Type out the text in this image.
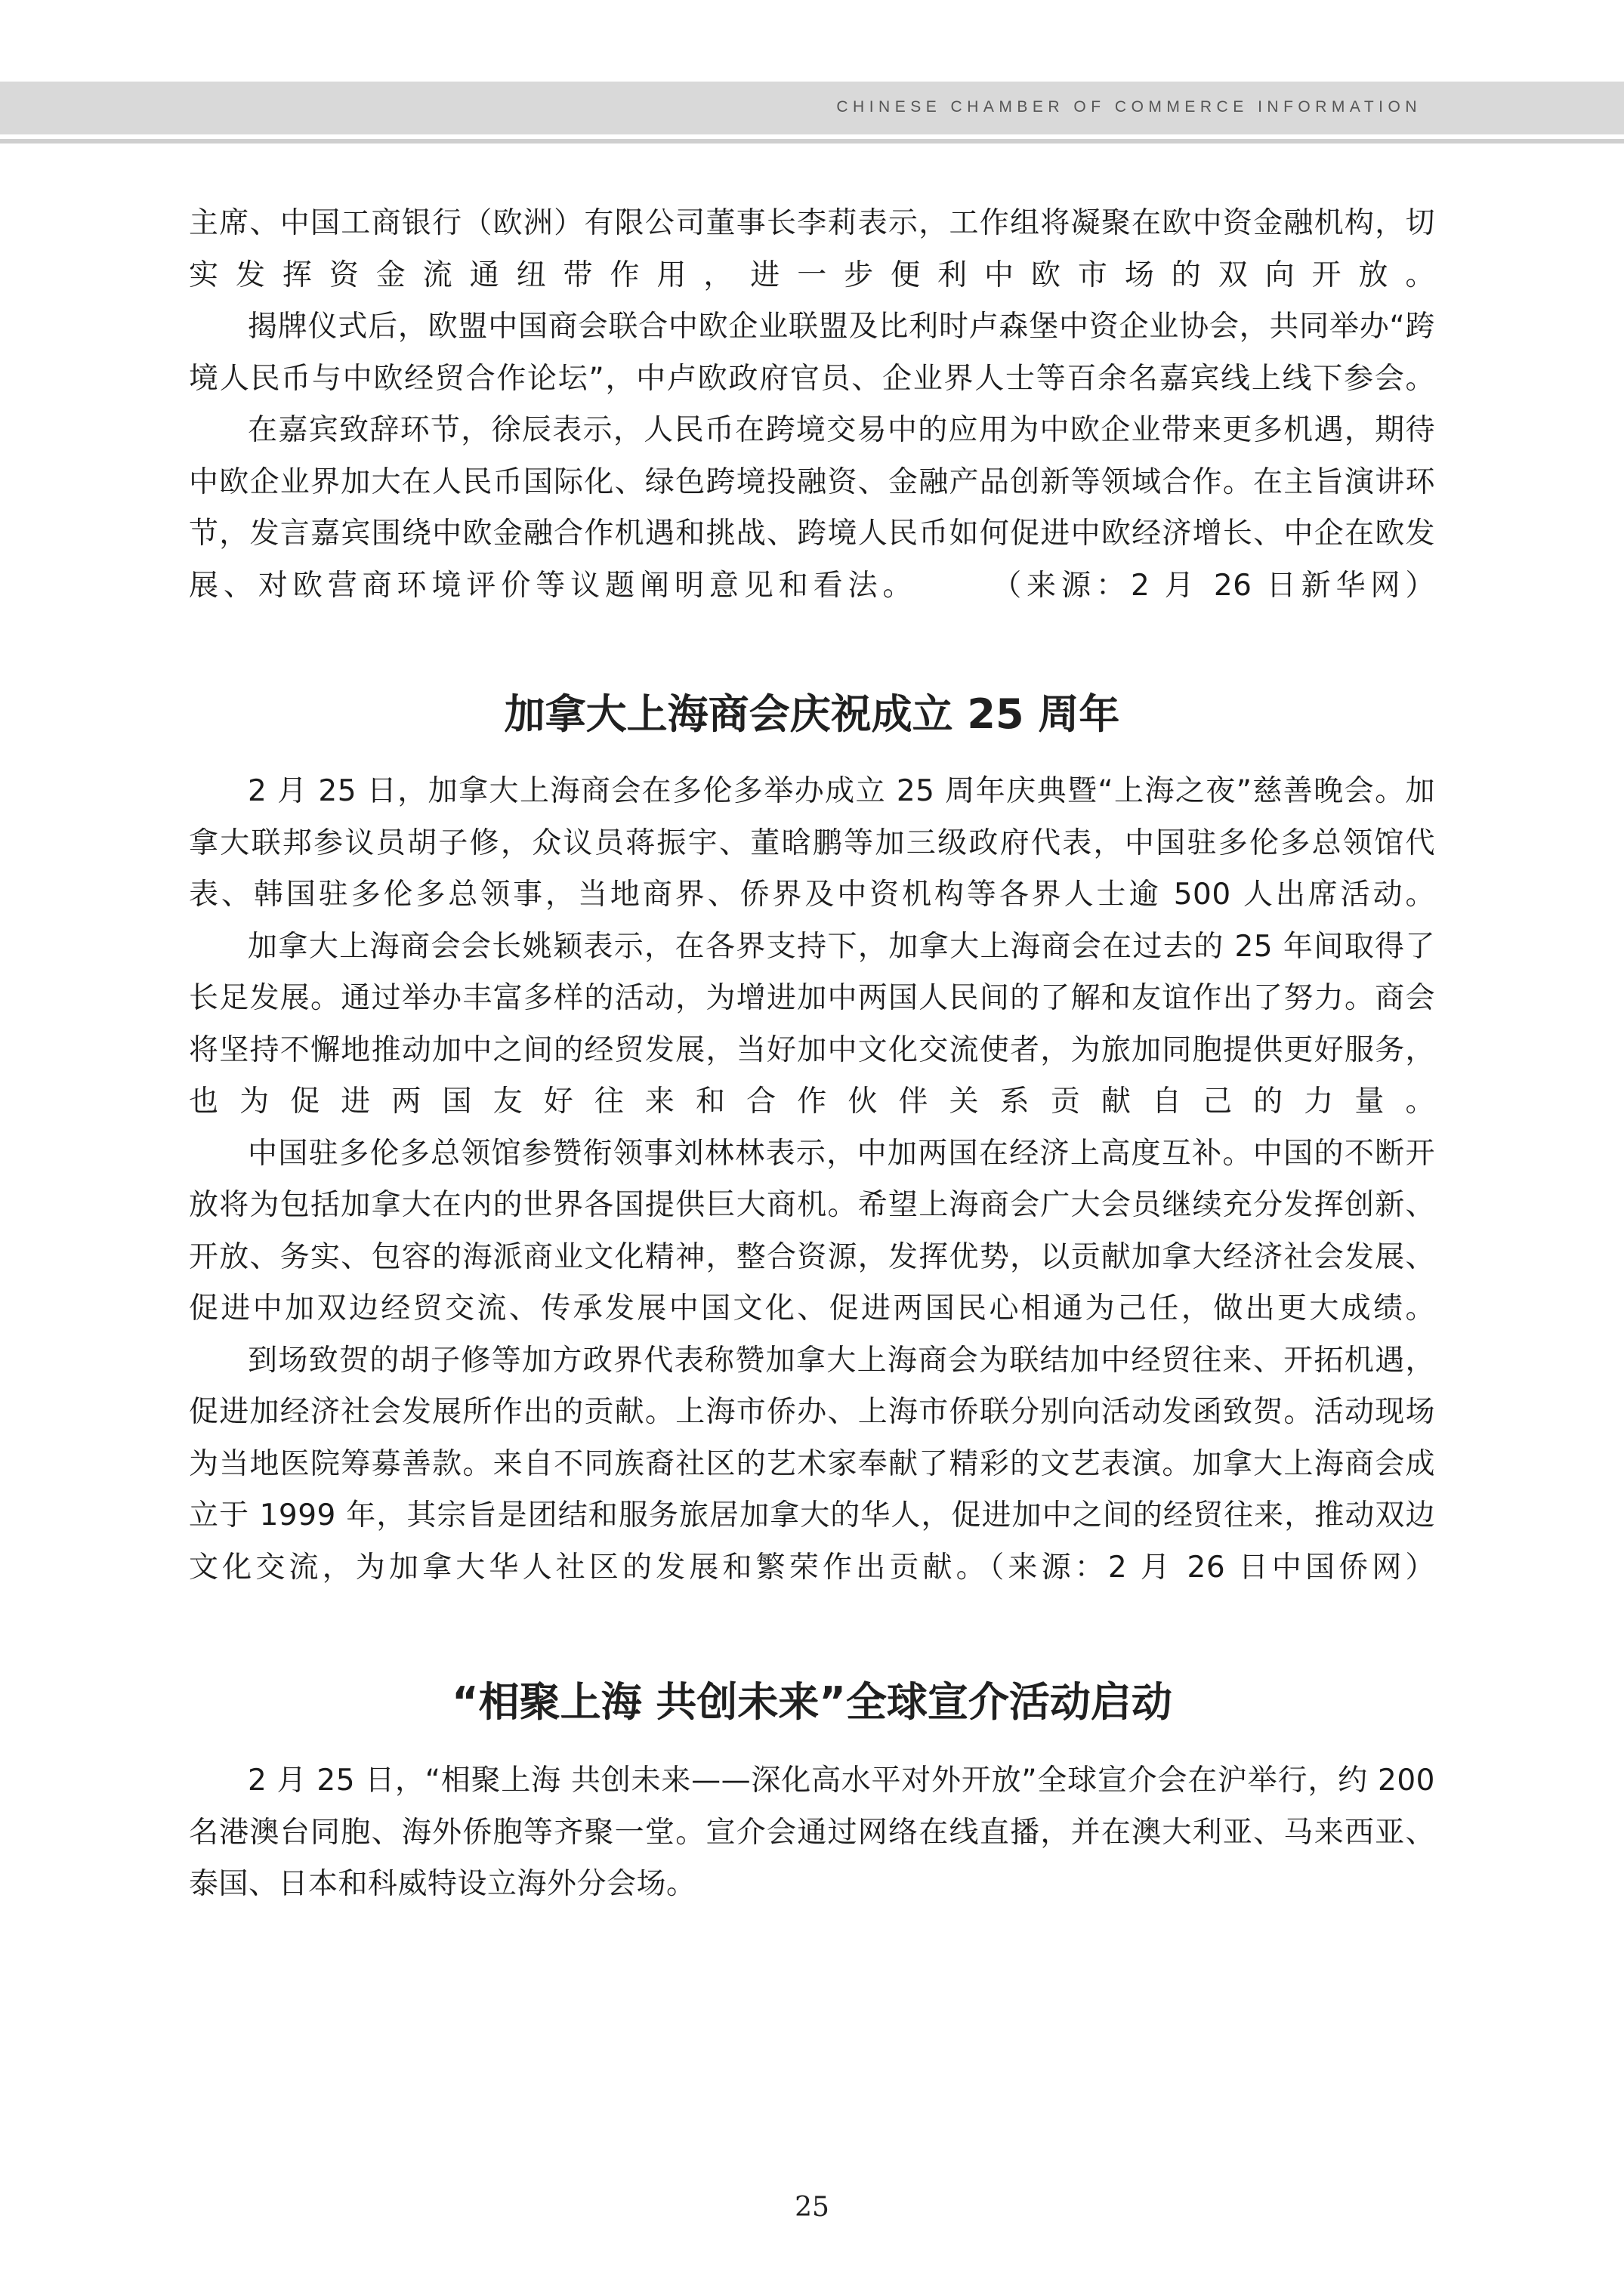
CHINESE CHAMBER OF COMMERCE INFORMATION

主席、中国工商银行（欧洲）有限公司董事长李莉表示，工作组将凝聚在欧中资金融机构，切实发挥资金流通纽带作用，进一步便利中欧市场的双向开放。

揭牌仪式后，欧盟中国商会联合中欧企业联盟及比利时卢森堡中资企业协会，共同举办“跨境人民币与中欧经贸合作论坛”，中卢欧政府官员、企业界人士等百余名嘉宾线上线下参会。

在嘉宾致辞环节，徐辰表示，人民币在跨境交易中的应用为中欧企业带来更多机遇，期待中欧企业界加大在人民币国际化、绿色跨境投融资、金融产品创新等领域合作。在主旨演讲环节，发言嘉宾围绕中欧金融合作机遇和挑战、跨境人民币如何促进中欧经济增长、中企在欧发展、对欧营商环境评价等议题阐明意见和看法。　　　	（来源：2 月 26 日新华网）

加拿大上海商会庆祝成立 25 周年

2 月 25 日，加拿大上海商会在多伦多举办成立 25 周年庆典暨“上海之夜”慈善晚会。加拿大联邦参议员胡子修，众议员蒋振宇、董晗鹏等加三级政府代表，中国驻多伦多总领馆代表、韩国驻多伦多总领事，当地商界、侨界及中资机构等各界人士逾 500 人出席活动。

加拿大上海商会会长姚颖表示，在各界支持下，加拿大上海商会在过去的 25 年间取得了长足发展。通过举办丰富多样的活动，为增进加中两国人民间的了解和友谊作出了努力。商会将坚持不懈地推动加中之间的经贸发展，当好加中文化交流使者，为旅加同胞提供更好服务，也为促进两国友好往来和合作伙伴关系贡献自己的力量。

中国驻多伦多总领馆参赞衔领事刘林林表示，中加两国在经济上高度互补。中国的不断开放将为包括加拿大在内的世界各国提供巨大商机。希望上海商会广大会员继续充分发挥创新、开放、务实、包容的海派商业文化精神，整合资源，发挥优势，以贡献加拿大经济社会发展、促进中加双边经贸交流、传承发展中国文化、促进两国民心相通为己任，做出更大成绩。

到场致贺的胡子修等加方政界代表称赞加拿大上海商会为联结加中经贸往来、开拓机遇，促进加经济社会发展所作出的贡献。上海市侨办、上海市侨联分别向活动发函致贺。活动现场为当地医院筹募善款。来自不同族裔社区的艺术家奉献了精彩的文艺表演。加拿大上海商会成立于 1999 年，其宗旨是团结和服务旅居加拿大的华人，促进加中之间的经贸往来，推动双边文化交流，为加拿大华人社区的发展和繁荣作出贡献。（来源：2 月 26 日中国侨网）

“相聚上海 共创未来”全球宣介活动启动

2 月 25 日，“相聚上海 共创未来——深化高水平对外开放”全球宣介会在沪举行，约 200 名港澳台同胞、海外侨胞等齐聚一堂。宣介会通过网络在线直播，并在澳大利亚、马来西亚、泰国、日本和科威特设立海外分会场。

25
